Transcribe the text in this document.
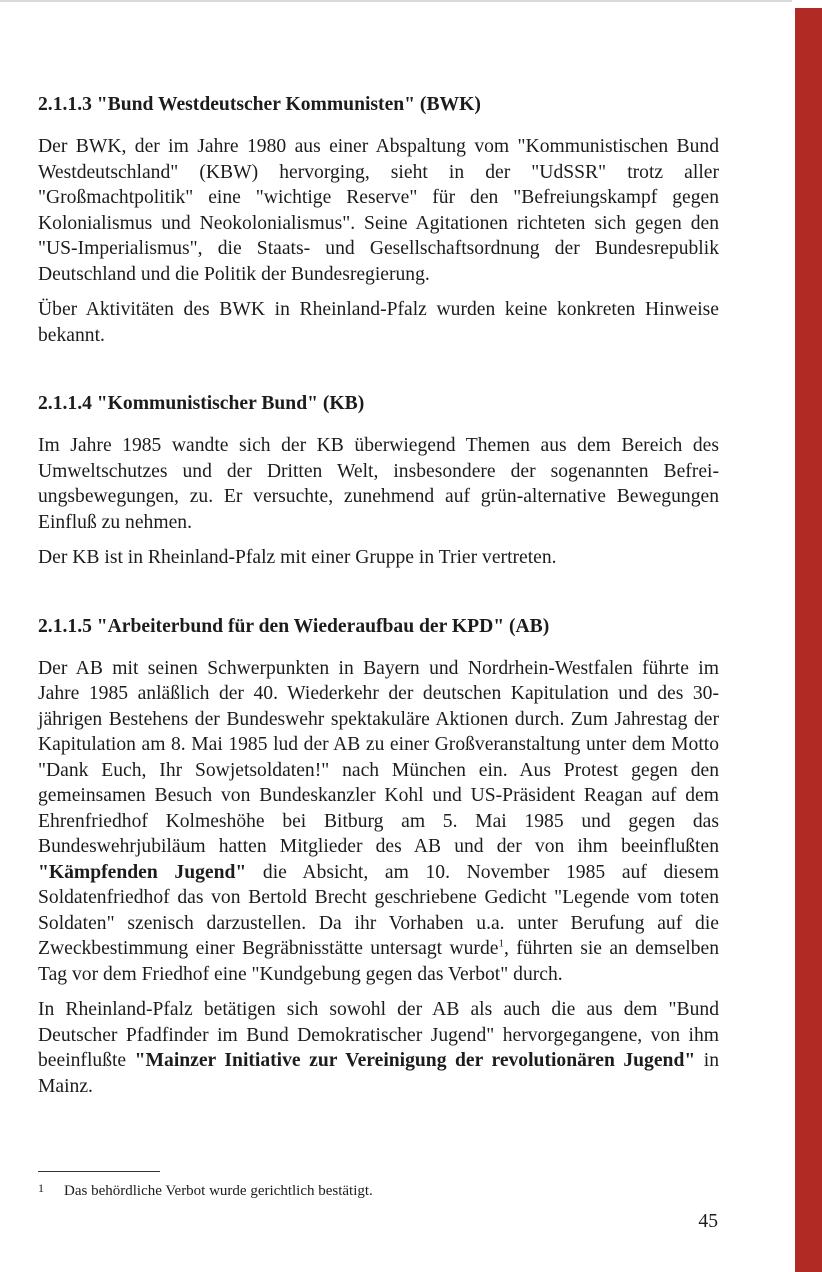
2.1.1.3 "Bund Westdeutscher Kommunisten" (BWK)

Der BWK, der im Jahre 1980 aus einer Abspaltung vom "Kommunistischen Bund Westdeutschland" (KBW) hervorging, sieht in der "UdSSR" trotz aller "Großmachtpolitik" eine "wichtige Reserve" für den "Befreiungskampf gegen Kolonialismus und Neokolonialismus". Seine Agitationen richteten sich gegen den "US-Imperialismus", die Staats- und Gesellschaftsordnung der Bundesrepublik Deutschland und die Politik der Bundesregierung.

Über Aktivitäten des BWK in Rheinland-Pfalz wurden keine konkreten Hinweise bekannt.

2.1.1.4 "Kommunistischer Bund" (KB)

Im Jahre 1985 wandte sich der KB überwiegend Themen aus dem Bereich des Umweltschutzes und der Dritten Welt, insbesondere der sogenannten Befreiungsbewegungen, zu. Er versuchte, zunehmend auf grün-alternative Bewegungen Einfluß zu nehmen.

Der KB ist in Rheinland-Pfalz mit einer Gruppe in Trier vertreten.

2.1.1.5 "Arbeiterbund für den Wiederaufbau der KPD" (AB)

Der AB mit seinen Schwerpunkten in Bayern und Nordrhein-Westfalen führte im Jahre 1985 anläßlich der 40. Wiederkehr der deutschen Kapitulation und des 30-jährigen Bestehens der Bundeswehr spektakuläre Aktionen durch. Zum Jahrestag der Kapitulation am 8. Mai 1985 lud der AB zu einer Großveranstaltung unter dem Motto "Dank Euch, Ihr Sowjetsoldaten!" nach München ein. Aus Protest gegen den gemeinsamen Besuch von Bundeskanzler Kohl und US-Präsident Reagan auf dem Ehrenfriedhof Kolmeshöhe bei Bitburg am 5. Mai 1985 und gegen das Bundeswehrjubiläum hatten Mitglieder des AB und der von ihm beeinflußten "Kämpfenden Jugend" die Absicht, am 10. November 1985 auf diesem Soldatenfriedhof das von Bertold Brecht geschriebene Gedicht "Legende vom toten Soldaten" szenisch darzustellen. Da ihr Vorhaben u.a. unter Berufung auf die Zweckbestimmung einer Begräbnisstätte untersagt wurde$^1$, führten sie an demselben Tag vor dem Friedhof eine "Kundgebung gegen das Verbot" durch.

In Rheinland-Pfalz betätigen sich sowohl der AB als auch die aus dem "Bund Deutscher Pfadfinder im Bund Demokratischer Jugend" hervorgegangene, von ihm beeinflußte "Mainzer Initiative zur Vereinigung der revolutionären Jugend" in Mainz.

1 Das behördliche Verbot wurde gerichtlich bestätigt.
45
